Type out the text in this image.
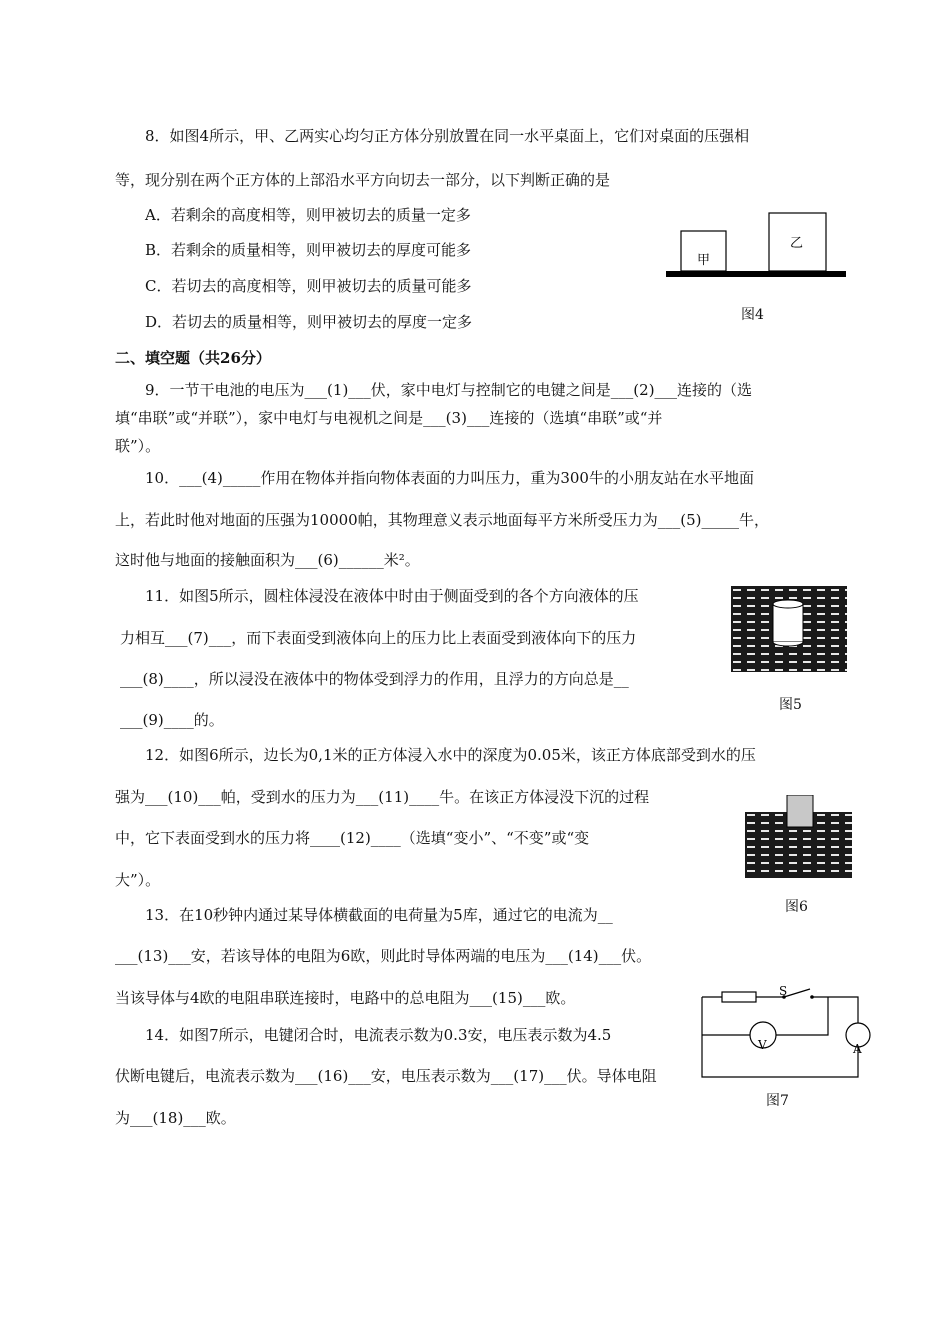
8．如图4所示，甲、乙两实心均匀正方体分别放置在同一水平桌面上，它们对桌面的压强相
等，现分别在两个正方体的上部沿水平方向切去一部分，以下判断正确的是
A．若剩余的高度相等，则甲被切去的质量一定多
B．若剩余的质量相等，则甲被切去的厚度可能多
C．若切去的高度相等，则甲被切去的质量可能多
D．若切去的质量相等，则甲被切去的厚度一定多
甲
乙
图4
二、填空题（共26分）
9．一节干电池的电压为___(1)___伏，家中电灯与控制它的电键之间是___(2)___连接的（选
填“串联”或“并联”），家中电灯与电视机之间是___(3)___连接的（选填“串联”或“并
联”）。
10．___(4)_____作用在物体并指向物体表面的力叫压力，重为300牛的小朋友站在水平地面
上，若此时他对地面的压强为10000帕，其物理意义表示地面每平方米所受压力为___(5)_____牛，
这时他与地面的接触面积为___(6)______米²。
11．如图5所示，圆柱体浸没在液体中时由于侧面受到的各个方向液体的压
力相互___(7)___，而下表面受到液体向上的压力比上表面受到液体向下的压力
___(8)____，所以浸没在液体中的物体受到浮力的作用，且浮力的方向总是__
___(9)____的。
图5
12．如图6所示，边长为0,1米的正方体浸入水中的深度为0.05米，该正方体底部受到水的压
强为___(10)___帕，受到水的压力为___(11)____牛。在该正方体浸没下沉的过程
中，它下表面受到水的压力将____(12)____（选填“变小”、“不变”或“变
大”）。
图6
13．在10秒钟内通过某导体横截面的电荷量为5库，通过它的电流为__
___(13)___安，若该导体的电阻为6欧，则此时导体两端的电压为___(14)___伏。
当该导体与4欧的电阻串联连接时，电路中的总电阻为___(15)___欧。
14．如图7所示，电键闭合时，电流表示数为0.3安，电压表示数为4.5
伏断电键后，电流表示数为___(16)___安，电压表示数为___(17)___伏。导体电阻
为___(18)___欧。
S
V	A
图7
